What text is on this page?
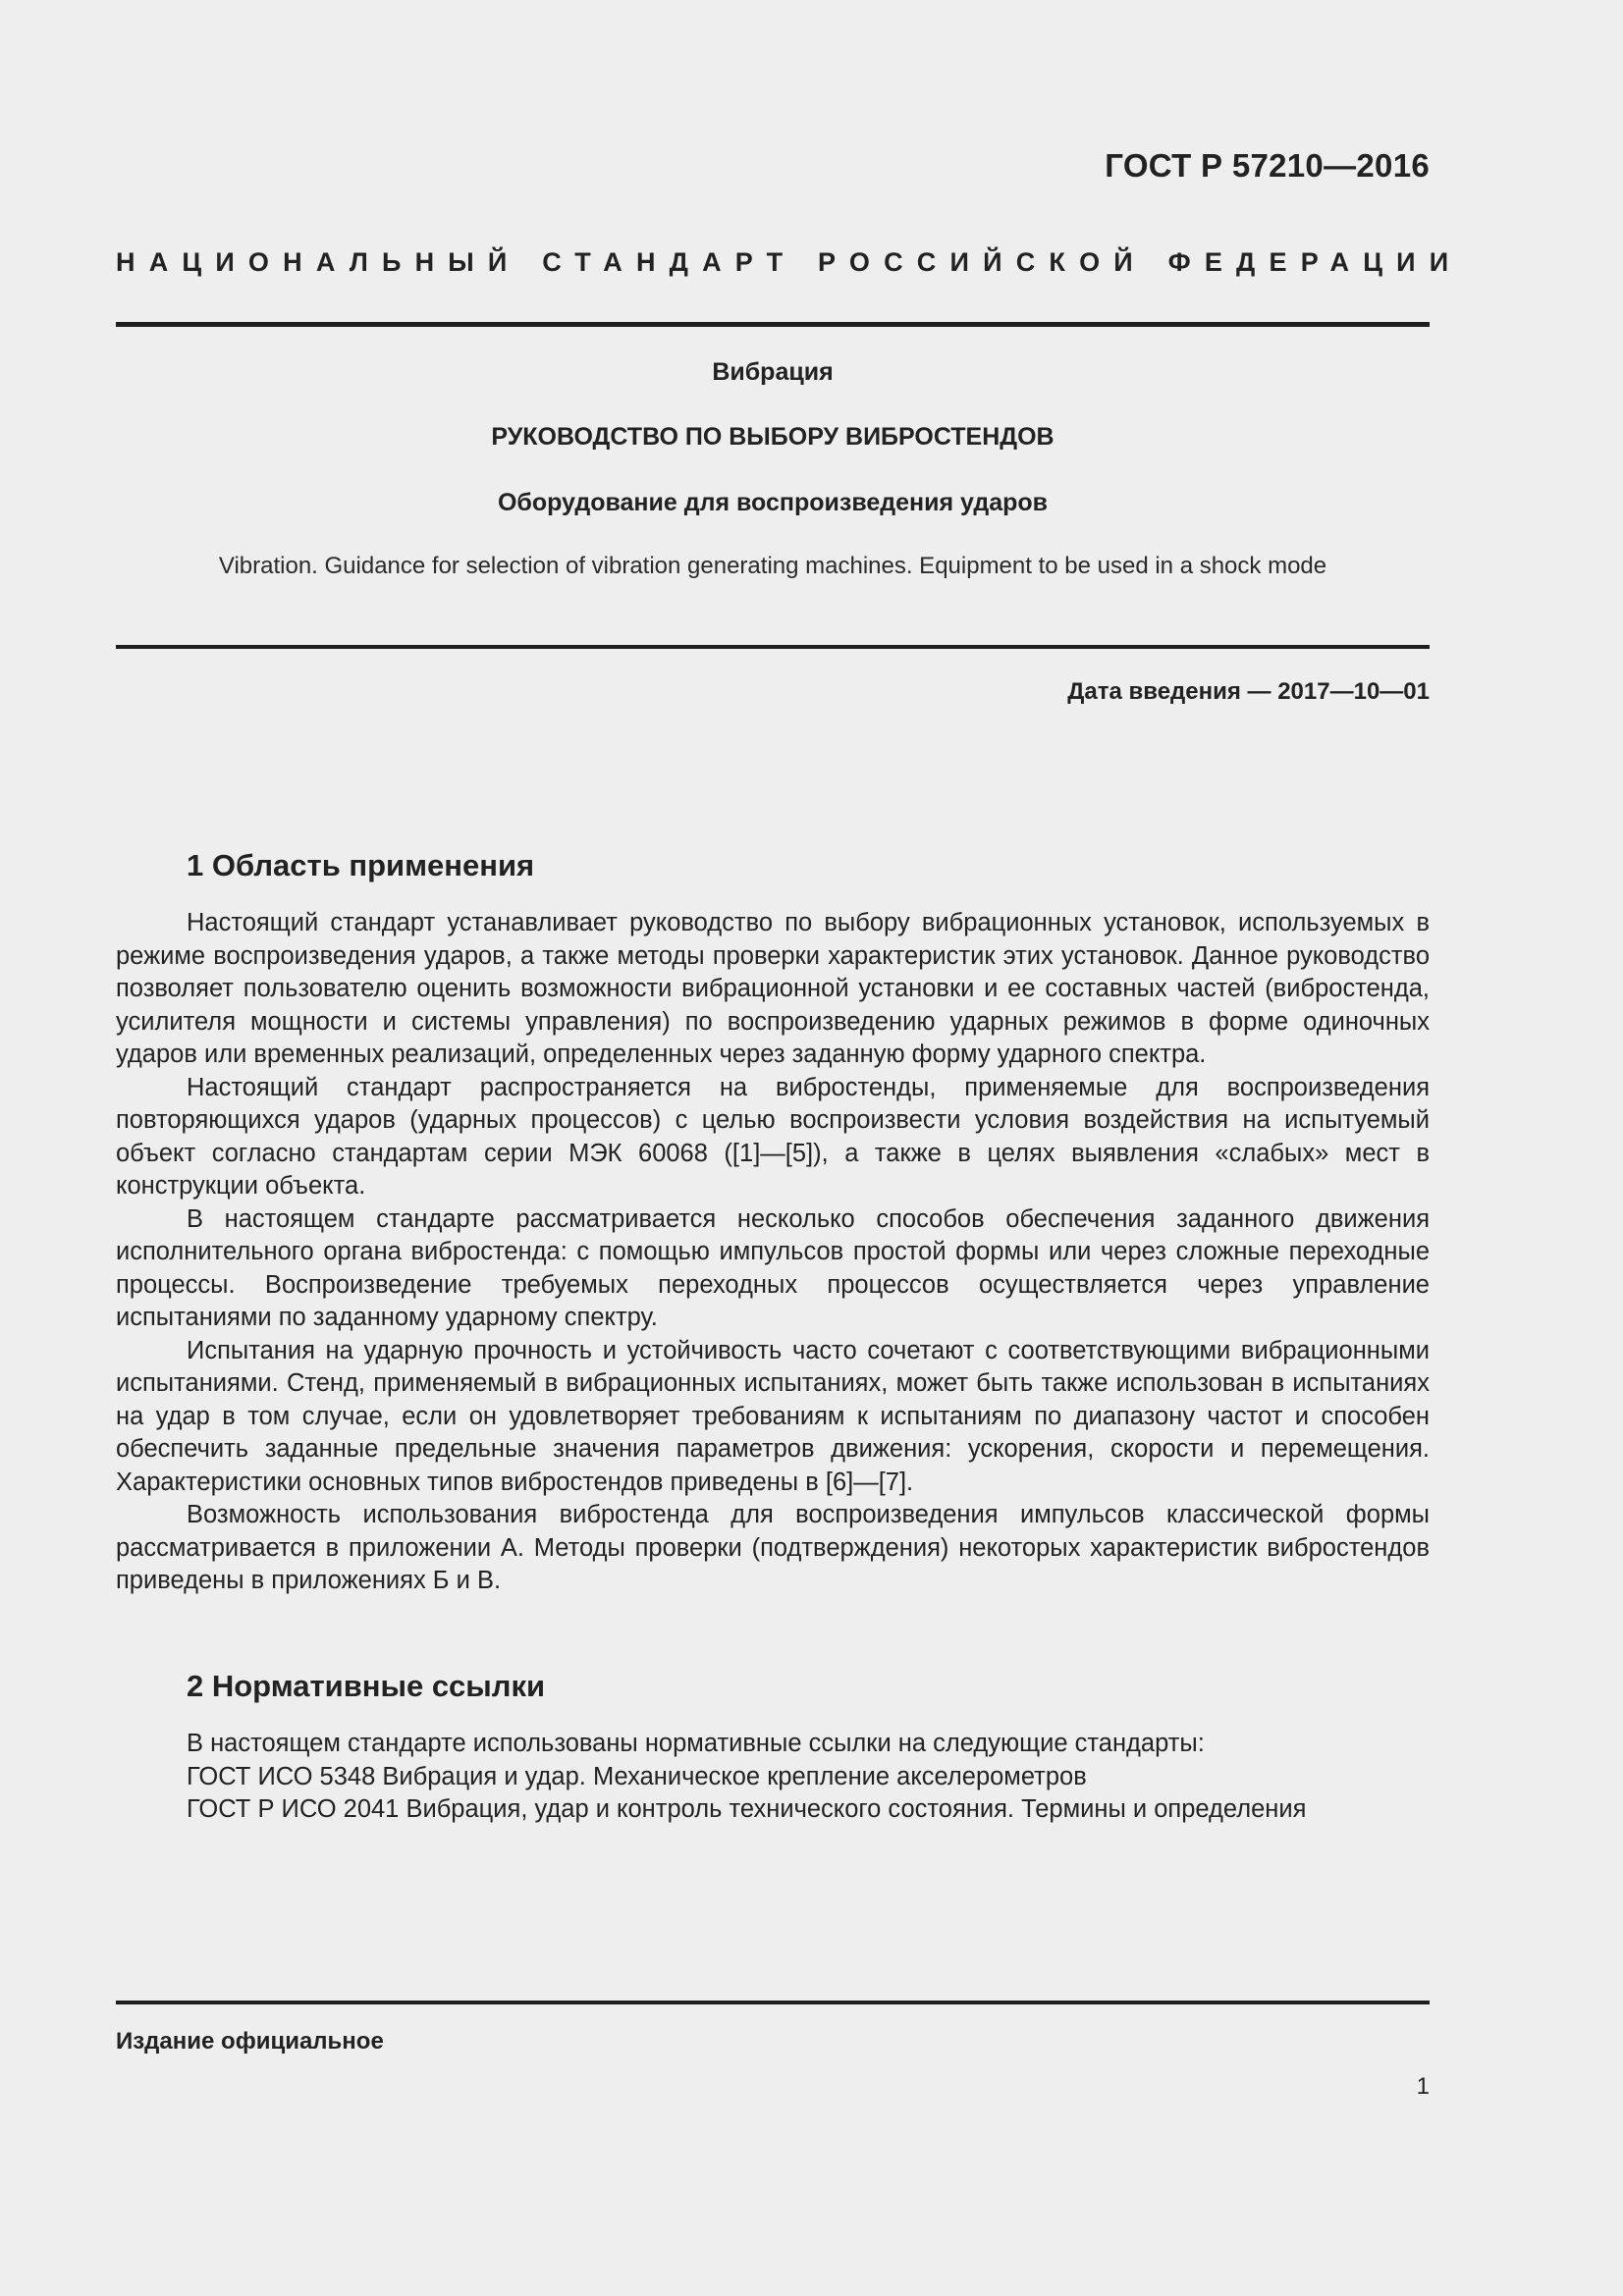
ГОСТ Р 57210—2016
НАЦИОНАЛЬНЫЙ СТАНДАРТ РОССИЙСКОЙ ФЕДЕРАЦИИ
Вибрация
РУКОВОДСТВО ПО ВЫБОРУ ВИБРОСТЕНДОВ
Оборудование для воспроизведения ударов
Vibration. Guidance for selection of vibration generating machines. Equipment to be used in a shock mode
Дата введения — 2017—10—01
1 Область применения

Настоящий стандарт устанавливает руководство по выбору вибрационных установок, используемых в режиме воспроизведения ударов, а также методы проверки характеристик этих установок. Данное руководство позволяет пользователю оценить возможности вибрационной установки и ее составных частей (вибростенда, усилителя мощности и системы управления) по воспроизведению ударных режимов в форме одиночных ударов или временных реализаций, определенных через заданную форму ударного спектра.

Настоящий стандарт распространяется на вибростенды, применяемые для воспроизведения повторяющихся ударов (ударных процессов) с целью воспроизвести условия воздействия на испытуемый объект согласно стандартам серии МЭК 60068 ([1]—[5]), а также в целях выявления «слабых» мест в конструкции объекта.

В настоящем стандарте рассматривается несколько способов обеспечения заданного движения исполнительного органа вибростенда: с помощью импульсов простой формы или через сложные переходные процессы. Воспроизведение требуемых переходных процессов осуществляется через управление испытаниями по заданному ударному спектру.

Испытания на ударную прочность и устойчивость часто сочетают с соответствующими вибрационными испытаниями. Стенд, применяемый в вибрационных испытаниях, может быть также использован в испытаниях на удар в том случае, если он удовлетворяет требованиям к испытаниям по диапазону частот и способен обеспечить заданные предельные значения параметров движения: ускорения, скорости и перемещения. Характеристики основных типов вибростендов приведены в [6]—[7].

Возможность использования вибростенда для воспроизведения импульсов классической формы рассматривается в приложении А. Методы проверки (подтверждения) некоторых характеристик вибростендов приведены в приложениях Б и В.

2 Нормативные ссылки

В настоящем стандарте использованы нормативные ссылки на следующие стандарты:

ГОСТ ИСО 5348 Вибрация и удар. Механическое крепление акселерометров

ГОСТ Р ИСО 2041 Вибрация, удар и контроль технического состояния. Термины и определения

Издание официальное
1
